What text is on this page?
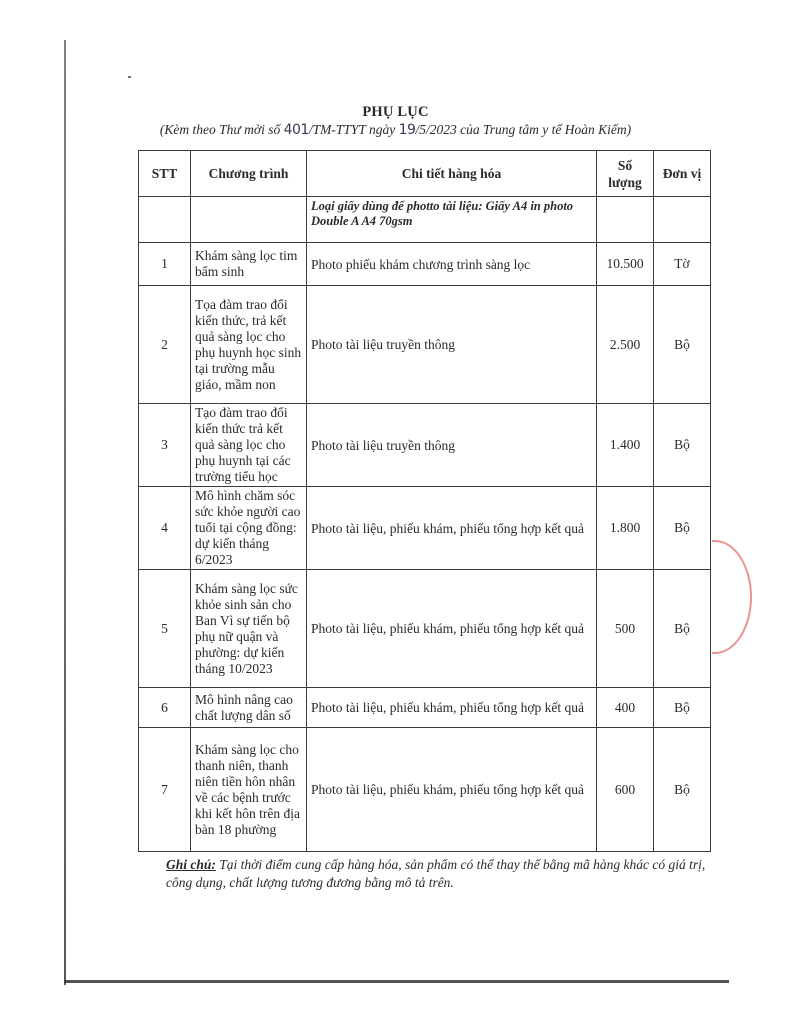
PHỤ LỤC
(Kèm theo Thư mời số 401/TM-TTYT ngày 19/5/2023 của Trung tâm y tế Hoàn Kiếm)
STT	Chương trình	Chi tiết hàng hóa	Số lượng	Đơn vị
		Loại giấy dùng để photto tài liệu: Giấy A4 in photo Double A A4 70gsm		
1	Khám sàng lọc tim bẩm sinh	Photo phiếu khám chương trình sàng lọc	10.500	Tờ
2	Tọa đàm trao đổi kiến thức, trả kết quả sàng lọc cho phụ huynh học sinh tại trường mẫu giáo, mầm non	Photo tài liệu truyền thông	2.500	Bộ
3	Tạo đàm trao đổi kiến thức trả kết quả sàng lọc cho phụ huynh tại các trường tiểu học	Photo tài liệu truyền thông	1.400	Bộ
4	Mô hình chăm sóc sức khỏe người cao tuổi tại cộng đồng: dự kiến tháng 6/2023	Photo tài liệu, phiếu khám, phiếu tổng hợp kết quả	1.800	Bộ
5	Khám sàng lọc sức khỏe sinh sản cho Ban Vì sự tiến bộ phụ nữ quận và phường: dự kiến tháng 10/2023	Photo tài liệu, phiếu khám, phiếu tổng hợp kết quả	500	Bộ
6	Mô hình nâng cao chất lượng dân số	Photo tài liệu, phiếu khám, phiếu tổng hợp kết quả	400	Bộ
7	Khám sàng lọc cho thanh niên, thanh niên tiền hôn nhân về các bệnh trước khi kết hôn trên địa bàn 18 phường	Photo tài liệu, phiếu khám, phiếu tổng hợp kết quả	600	Bộ
Ghi chú: Tại thời điểm cung cấp hàng hóa, sản phẩm có thể thay thế bằng mã hàng khác có giá trị, công dụng, chất lượng tương đương bằng mô tả trên.
